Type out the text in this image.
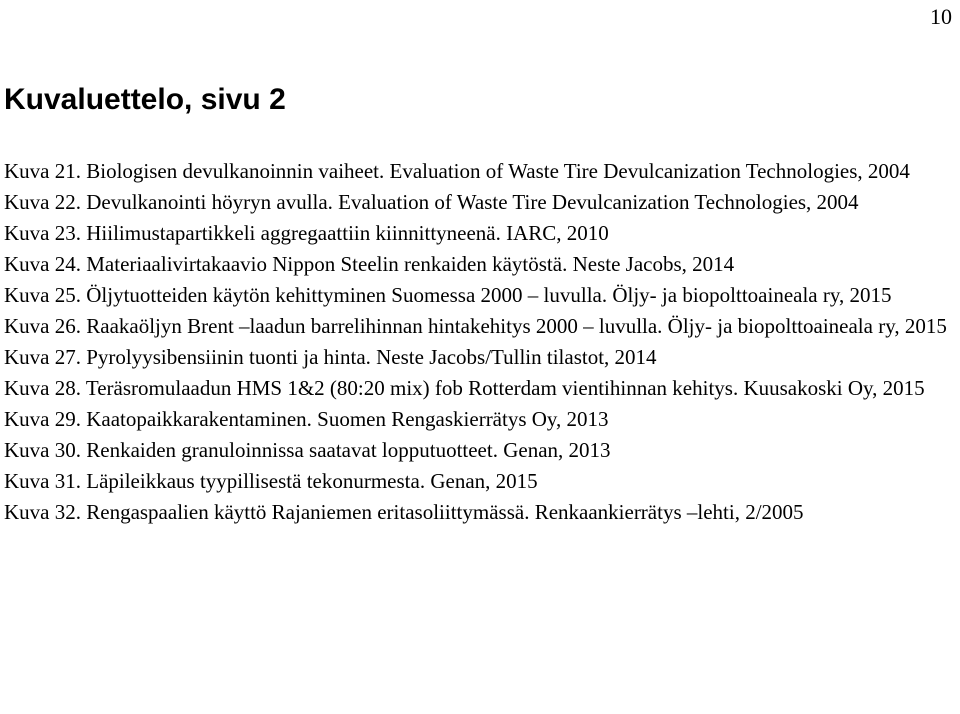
10
Kuvaluettelo, sivu 2
Kuva 21. Biologisen devulkanoinnin vaiheet. Evaluation of Waste Tire Devulcanization Technologies, 2004
Kuva 22. Devulkanointi höyryn avulla. Evaluation of Waste Tire Devulcanization Technologies, 2004
Kuva 23. Hiilimustapartikkeli aggregaattiin kiinnittyneenä. IARC, 2010
Kuva 24. Materiaalivirtakaavio Nippon Steelin renkaiden käytöstä. Neste Jacobs, 2014
Kuva 25. Öljytuotteiden käytön kehittyminen Suomessa 2000 – luvulla. Öljy- ja biopolttoaineala ry, 2015
Kuva 26. Raakaöljyn Brent –laadun barrelihinnan hintakehitys 2000 – luvulla. Öljy- ja biopolttoaineala ry, 2015
Kuva 27. Pyrolyysibensiinin tuonti ja hinta. Neste Jacobs/Tullin tilastot, 2014
Kuva 28. Teräsromulaadun HMS 1&2 (80:20 mix) fob Rotterdam vientihinnan kehitys. Kuusakoski Oy, 2015
Kuva 29. Kaatopaikkarakentaminen. Suomen Rengaskierrätys Oy, 2013
Kuva 30. Renkaiden granuloinnissa saatavat lopputuotteet. Genan, 2013
Kuva 31. Läpileikkaus tyypillisestä tekonurmesta. Genan, 2015
Kuva 32. Rengaspaalien käyttö Rajaniemen eritasoliittymässä. Renkaankierrätys –lehti, 2/2005
